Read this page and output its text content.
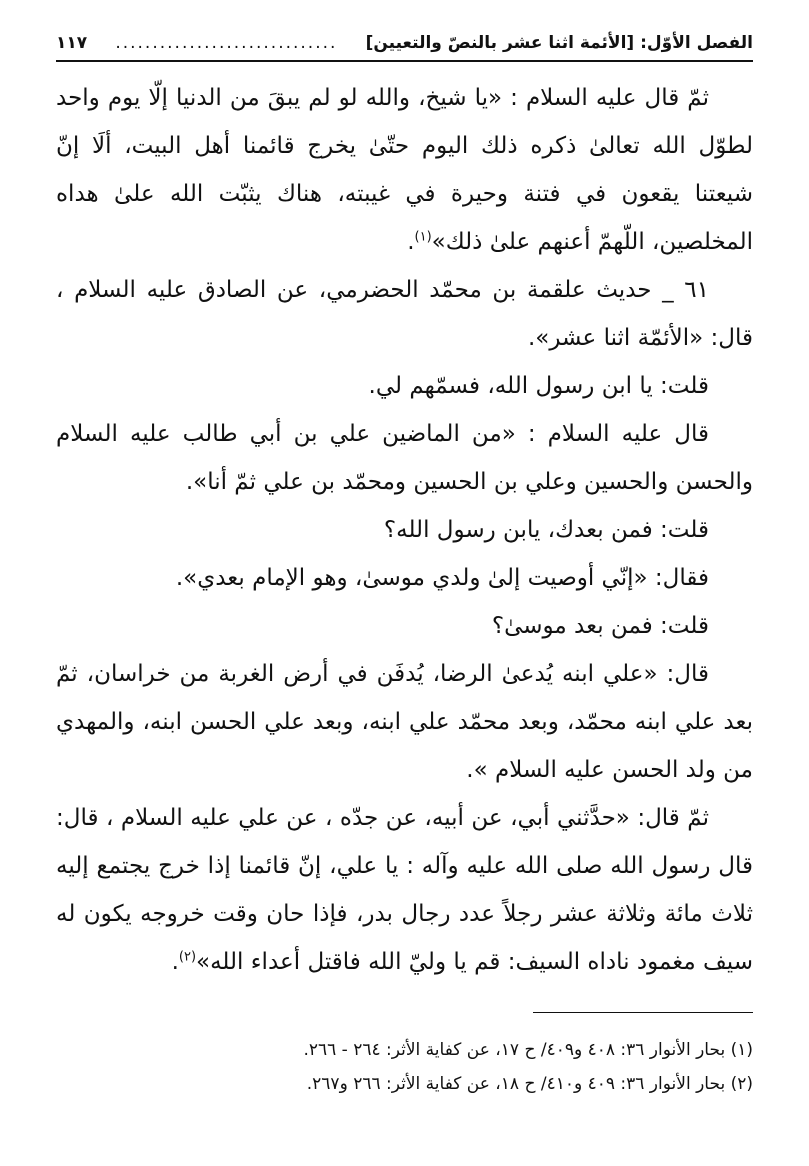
الفصل الأوّل: [الأئمة اثنا عشر بالنصّ والتعيين]
..............................
١١٧

ثمّ قال عليه السلام : «يا شيخ، والله لو لم يبقَ من الدنيا إلّا يوم واحد لطوّل الله تعالىٰ ذكره ذلك اليوم حتّىٰ يخرج قائمنا أهل البيت، ألَا إنّ شيعتنا يقعون في فتنة وحيرة في غيبته، هناك يثبّت الله علىٰ هداه المخلصين، اللّهمّ أعنهم علىٰ ذلك»$^{(١)}$.

٦١ _ حديث علقمة بن محمّد الحضرمي، عن الصادق عليه السلام ، قال: «الأئمّة اثنا عشر».

قلت: يا ابن رسول الله، فسمّهم لي.

قال عليه السلام : «من الماضين علي بن أبي طالب عليه السلام والحسن والحسين وعلي بن الحسين ومحمّد بن علي ثمّ أنا».

قلت: فمن بعدك، يابن رسول الله؟

فقال: «إنّي أوصيت إلىٰ ولدي موسىٰ، وهو الإمام بعدي».

قلت: فمن بعد موسىٰ؟

قال: «علي ابنه يُدعىٰ الرضا، يُدفَن في أرض الغربة من خراسان، ثمّ بعد علي ابنه محمّد، وبعد محمّد علي ابنه، وبعد علي الحسن ابنه، والمهدي من ولد الحسن عليه السلام ».

ثمّ قال: «حدَّثني أبي، عن أبيه، عن جدّه ، عن علي عليه السلام ، قال: قال رسول الله صلى الله عليه وآله : يا علي، إنّ قائمنا إذا خرج يجتمع إليه ثلاث مائة وثلاثة عشر رجلاً عدد رجال بدر، فإذا حان وقت خروجه يكون له سيف مغمود ناداه السيف: قم يا وليّ الله فاقتل أعداء الله»$^{(٢)}$.

(١) بحار الأنوار ٣٦: ٤٠٨ و٤٠٩/ ح ١٧، عن كفاية الأثر: ٢٦٤ - ٢٦٦.

(٢) بحار الأنوار ٣٦: ٤٠٩ و٤١٠/ ح ١٨، عن كفاية الأثر: ٢٦٦ و٢٦٧.
